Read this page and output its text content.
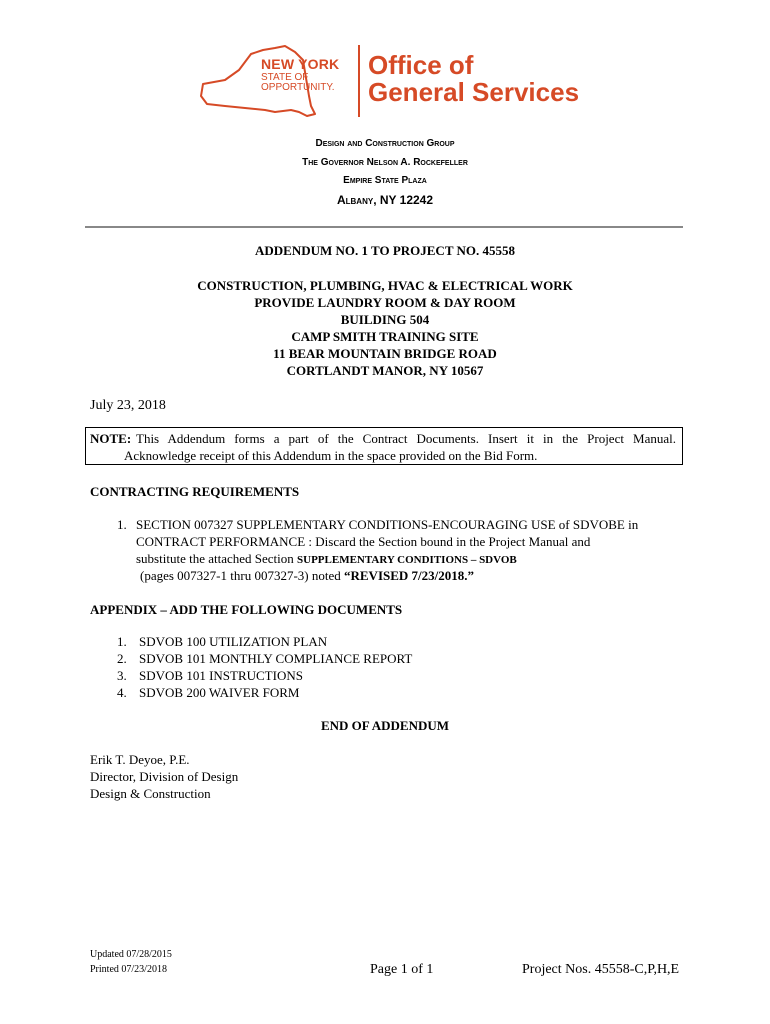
NEW YORK
STATE OF
OPPORTUNITY.
Office of
General Services
Design and Construction Group
The Governor Nelson A. Rockefeller
Empire State Plaza
Albany, NY 12242
ADDENDUM NO. 1 TO PROJECT NO. 45558
CONSTRUCTION, PLUMBING, HVAC & ELECTRICAL WORK
PROVIDE LAUNDRY ROOM & DAY ROOM
BUILDING 504
CAMP SMITH TRAINING SITE
11 BEAR MOUNTAIN BRIDGE ROAD
CORTLANDT MANOR, NY 10567
July 23, 2018
NOTE: This Addendum forms a part of the Contract Documents. Insert it in the Project Manual.
Acknowledge receipt of this Addendum in the space provided on the Bid Form.
CONTRACTING REQUIREMENTS
1. SECTION 007327 SUPPLEMENTARY CONDITIONS-ENCOURAGING USE of SDVOBE in
CONTRACT PERFORMANCE : Discard the Section bound in the Project Manual and
substitute the attached Section SUPPLEMENTARY CONDITIONS – SDVOB
(pages 007327-1 thru 007327-3) noted “REVISED 7/23/2018.”
APPENDIX – ADD THE FOLLOWING DOCUMENTS
1. SDVOB 100 UTILIZATION PLAN
2. SDVOB 101 MONTHLY COMPLIANCE REPORT
3. SDVOB 101 INSTRUCTIONS
4. SDVOB 200 WAIVER FORM
END OF ADDENDUM
Erik T. Deyoe, P.E.
Director, Division of Design
Design & Construction
Updated 07/28/2015
Printed 07/23/2018	Page 1 of 1	Project Nos. 45558-C,P,H,E
